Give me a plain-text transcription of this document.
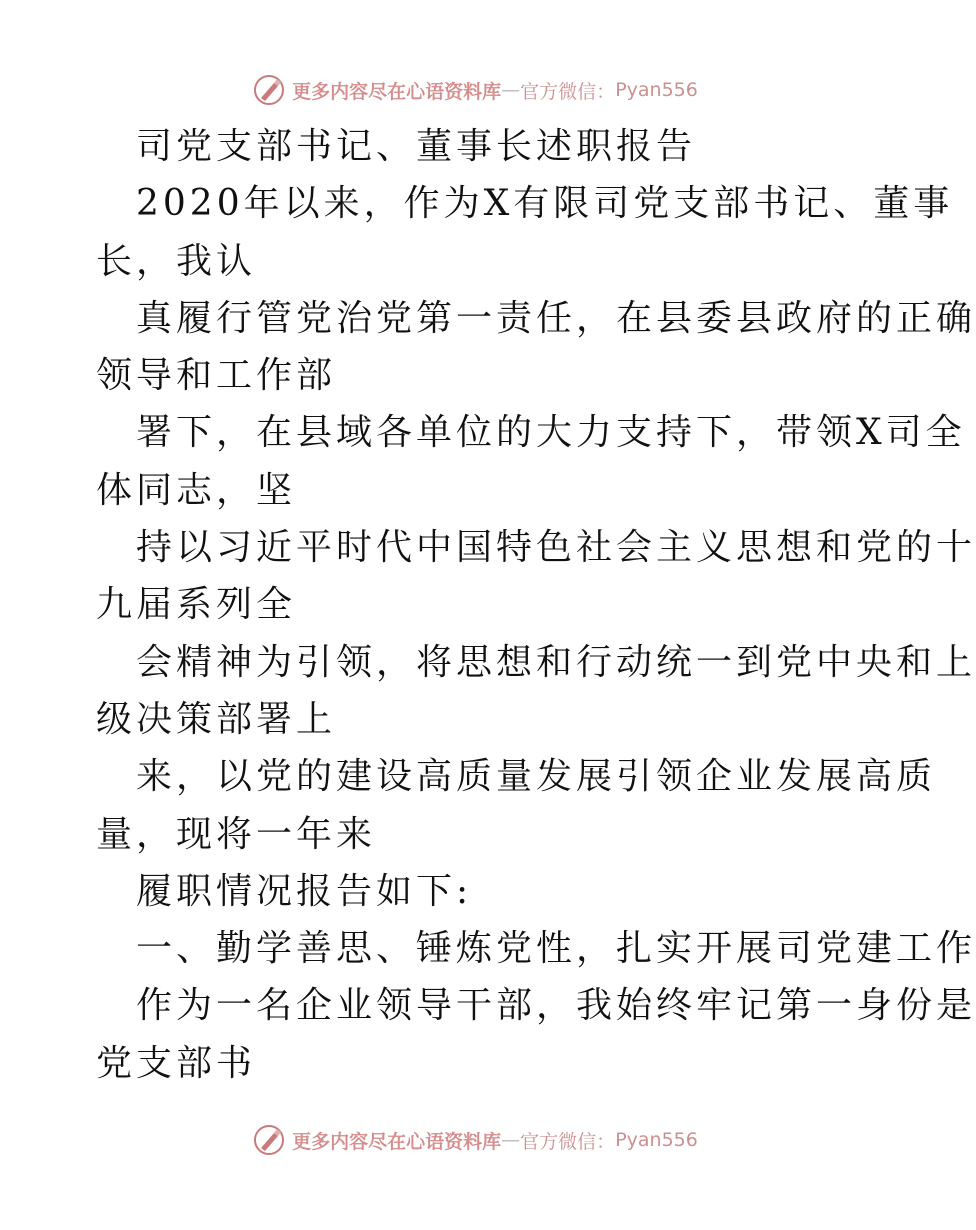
更多内容尽在心语资料库 — 官方微信： Pyan556
司党支部书记、董事长述职报告
2020年以来，作为X有限司党支部书记、董事
长，我认
真履行管党治党第一责任，在县委县政府的正确
领导和工作部
署下，在县域各单位的大力支持下，带领X司全
体同志，坚
持以习近平时代中国特色社会主义思想和党的十
九届系列全
会精神为引领，将思想和行动统一到党中央和上
级决策部署上
来，以党的建设高质量发展引领企业发展高质
量，现将一年来
履职情况报告如下:
一、勤学善思、锤炼党性，扎实开展司党建工作
作为一名企业领导干部，我始终牢记第一身份是
党支部书
更多内容尽在心语资料库 — 官方微信： Pyan556
